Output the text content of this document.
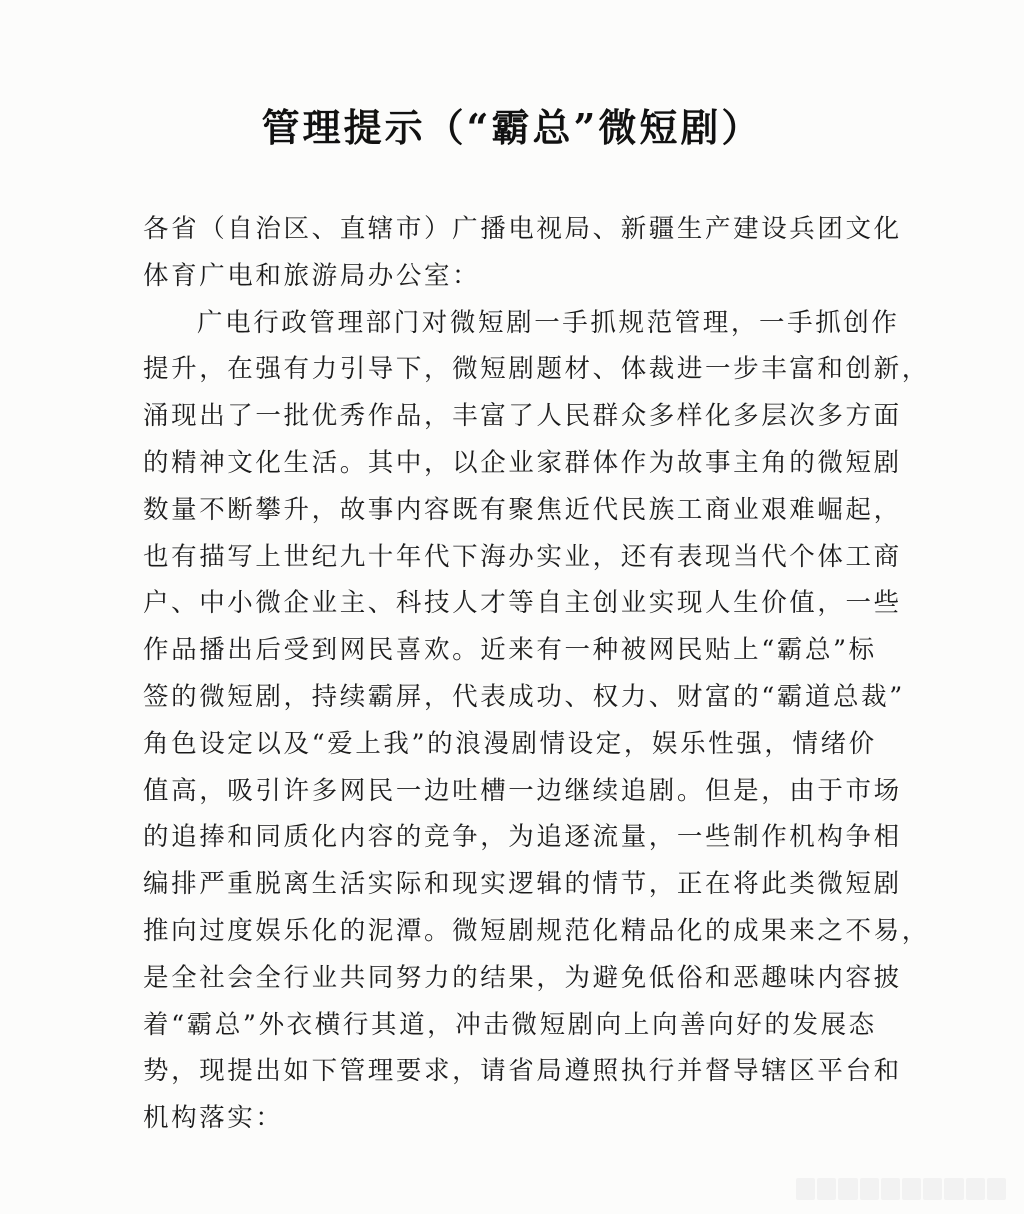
管理提示（“霸总”微短剧）
各省（自治区、直辖市）广播电视局、新疆生产建设兵团文化
体育广电和旅游局办公室：
广电行政管理部门对微短剧一手抓规范管理，一手抓创作
提升，在强有力引导下，微短剧题材、体裁进一步丰富和创新，
涌现出了一批优秀作品，丰富了人民群众多样化多层次多方面
的精神文化生活。其中，以企业家群体作为故事主角的微短剧
数量不断攀升，故事内容既有聚焦近代民族工商业艰难崛起，
也有描写上世纪九十年代下海办实业，还有表现当代个体工商
户、中小微企业主、科技人才等自主创业实现人生价值，一些
作品播出后受到网民喜欢。近来有一种被网民贴上“霸总”标
签的微短剧，持续霸屏，代表成功、权力、财富的“霸道总裁”
角色设定以及“爱上我”的浪漫剧情设定，娱乐性强，情绪价
值高，吸引许多网民一边吐槽一边继续追剧。但是，由于市场
的追捧和同质化内容的竞争，为追逐流量，一些制作机构争相
编排严重脱离生活实际和现实逻辑的情节，正在将此类微短剧
推向过度娱乐化的泥潭。微短剧规范化精品化的成果来之不易，
是全社会全行业共同努力的结果，为避免低俗和恶趣味内容披
着“霸总”外衣横行其道，冲击微短剧向上向善向好的发展态
势，现提出如下管理要求，请省局遵照执行并督导辖区平台和
机构落实：
